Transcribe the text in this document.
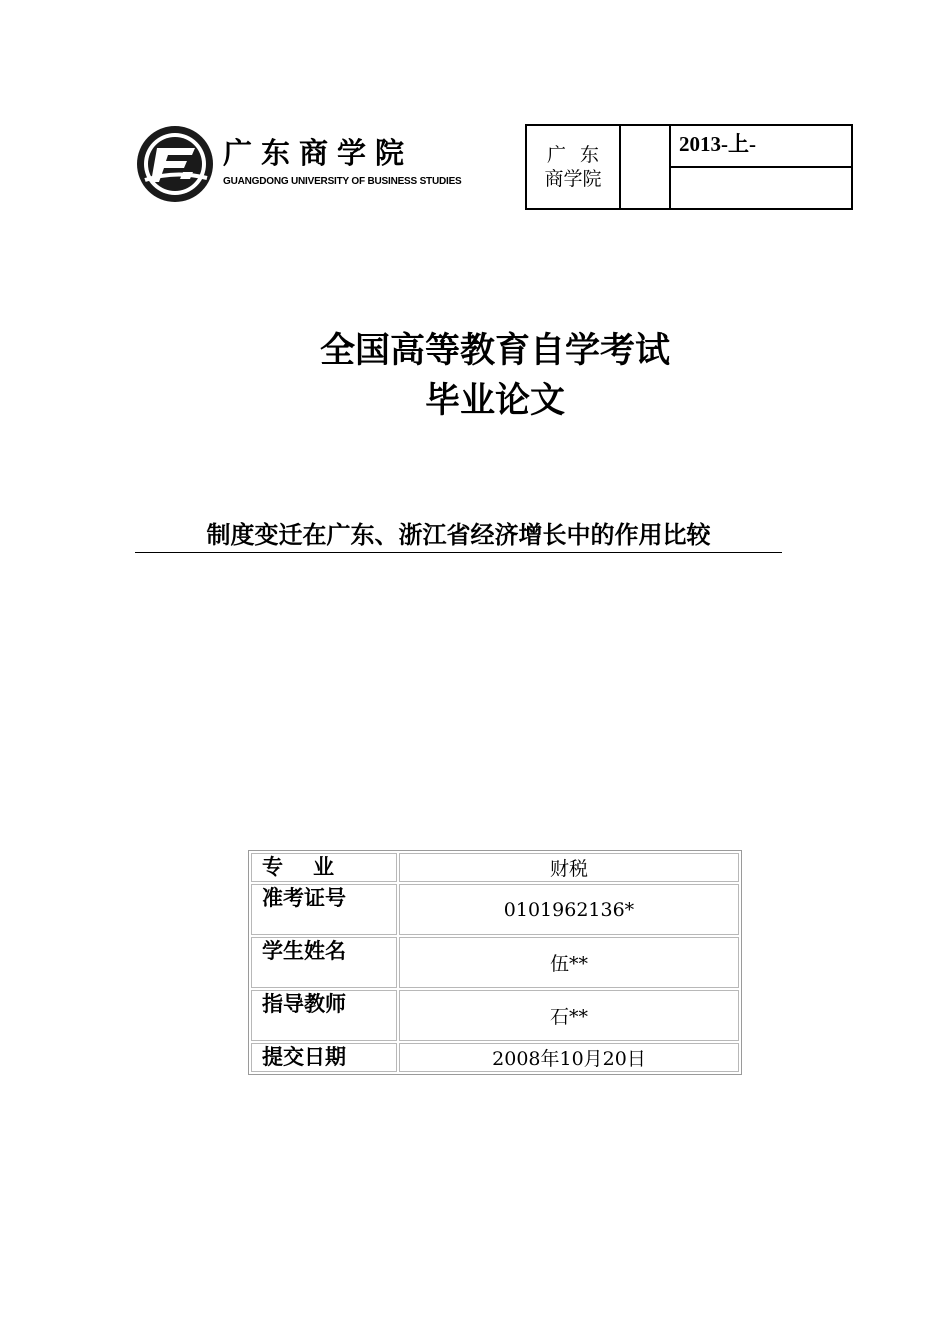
广东商学院
GUANGDONG UNIVERSITY OF BUSINESS STUDIES
广东
商学院
		2013-上-

全国高等教育自学考试
毕业论文
制度变迁在广东、浙江省经济增长中的作用比较
专业	财税
准考证号	0101962136*
学生姓名	伍**
指导教师	石**
提交日期	2008年10月20日
